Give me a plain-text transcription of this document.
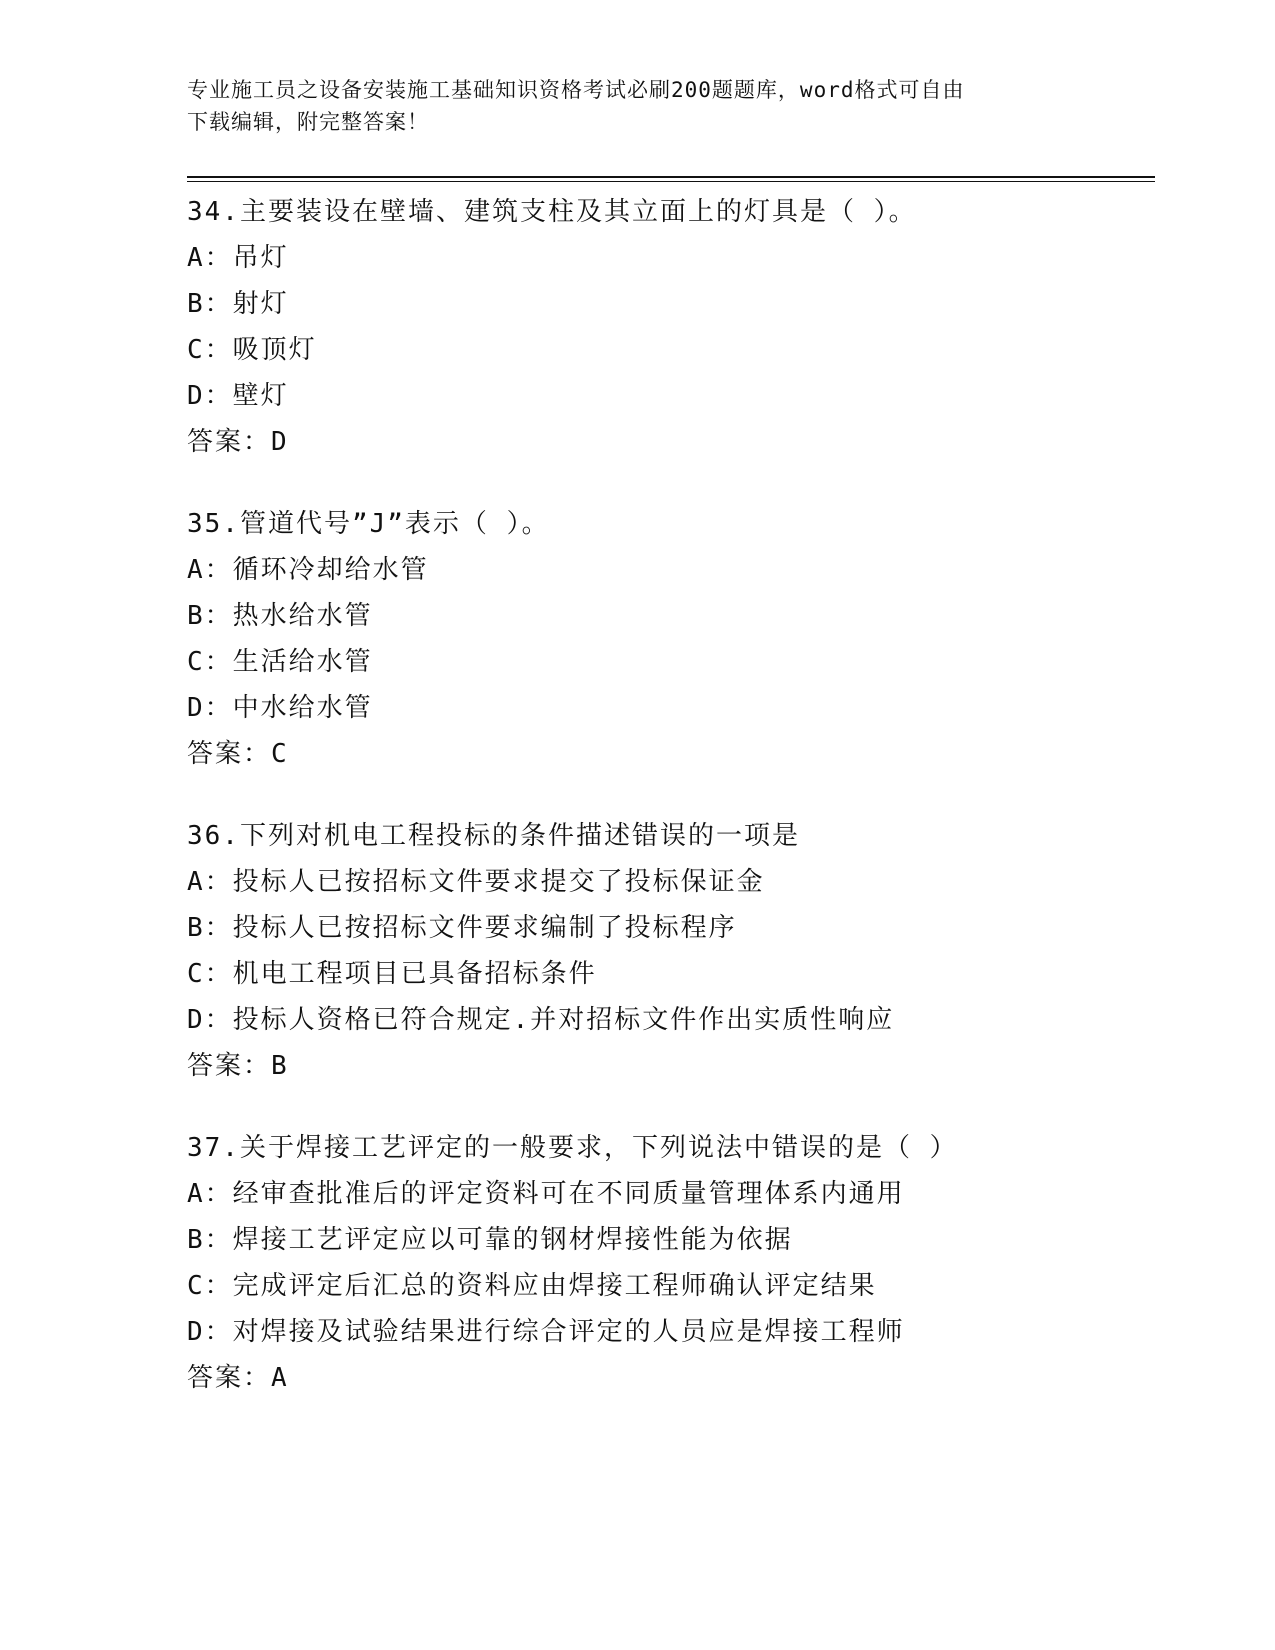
专业施工员之设备安装施工基础知识资格考试必刷200题题库，word格式可自由
下载编辑，附完整答案！
34.主要装设在壁墙、建筑支柱及其立面上的灯具是（ ）。
A：吊灯
B：射灯
C：吸顶灯
D：壁灯
答案：D
35.管道代号”J”表示（ ）。
A：循环冷却给水管
B：热水给水管
C：生活给水管
D：中水给水管
答案：C
36.下列对机电工程投标的条件描述错误的一项是
A：投标人已按招标文件要求提交了投标保证金
B：投标人已按招标文件要求编制了投标程序
C：机电工程项目已具备招标条件
D：投标人资格已符合规定.并对招标文件作出实质性响应
答案：B
37.关于焊接工艺评定的一般要求，下列说法中错误的是（ ）
A：经审查批准后的评定资料可在不同质量管理体系内通用
B：焊接工艺评定应以可靠的钢材焊接性能为依据
C：完成评定后汇总的资料应由焊接工程师确认评定结果
D：对焊接及试验结果进行综合评定的人员应是焊接工程师
答案：A
